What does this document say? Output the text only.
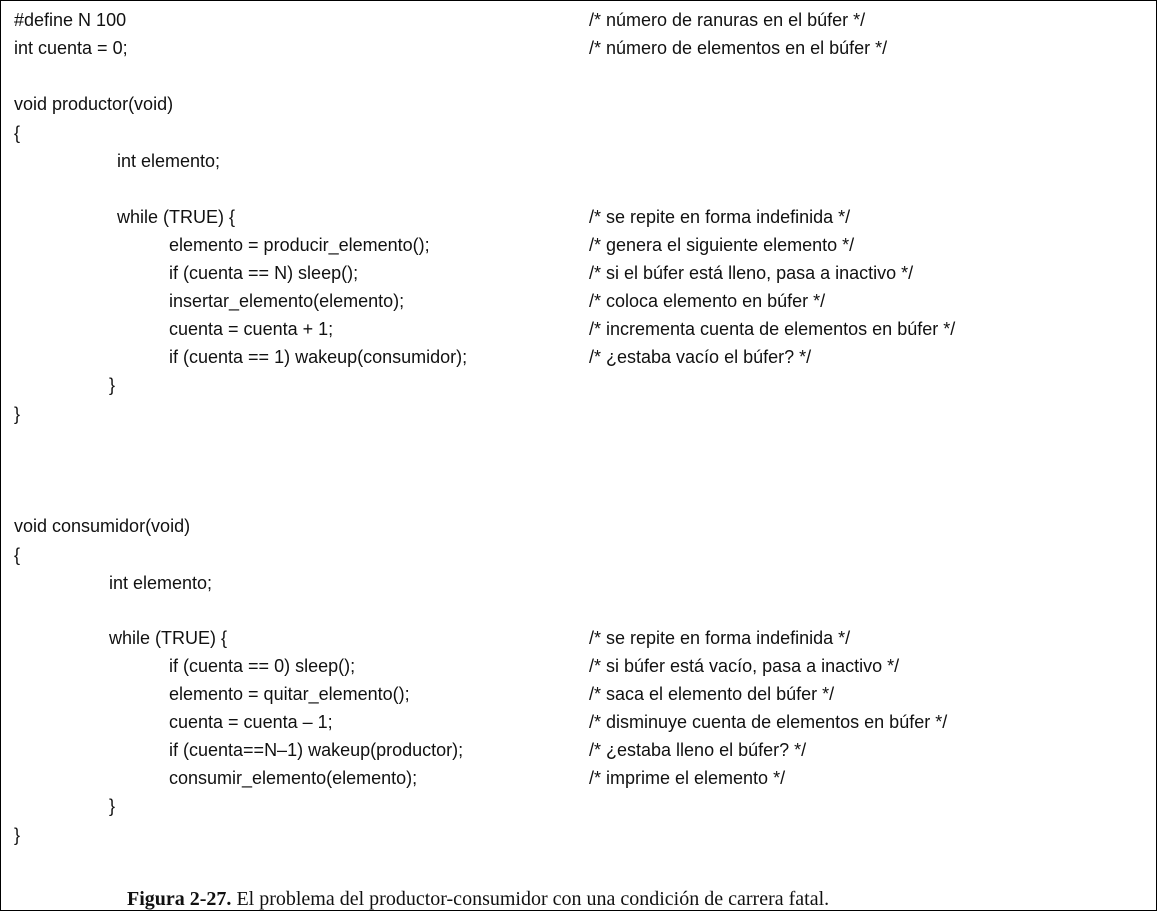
#define N 100	/* número de ranuras en el búfer */
int cuenta = 0;	/* número de elementos en el búfer */
void productor(void)
{
int elemento;
while (TRUE) {	/* se repite en forma indefinida */
elemento = producir_elemento();	/* genera el siguiente elemento */
if (cuenta == N) sleep();	/* si el búfer está lleno, pasa a inactivo */
insertar_elemento(elemento);	/* coloca elemento en búfer */
cuenta = cuenta + 1;	/* incrementa cuenta de elementos en búfer */
if (cuenta == 1) wakeup(consumidor);	/* ¿estaba vacío el búfer? */
}
}
void consumidor(void)
{
int elemento;
while (TRUE) {	/* se repite en forma indefinida */
if (cuenta == 0) sleep();	/* si búfer está vacío, pasa a inactivo */
elemento = quitar_elemento();	/* saca el elemento del búfer */
cuenta = cuenta – 1;	/* disminuye cuenta de elementos en búfer */
if (cuenta==N–1) wakeup(productor);	/* ¿estaba lleno el búfer? */
consumir_elemento(elemento);	/* imprime el elemento */
}
}
Figura 2-27. El problema del productor-consumidor con una condición de carrera fatal.
